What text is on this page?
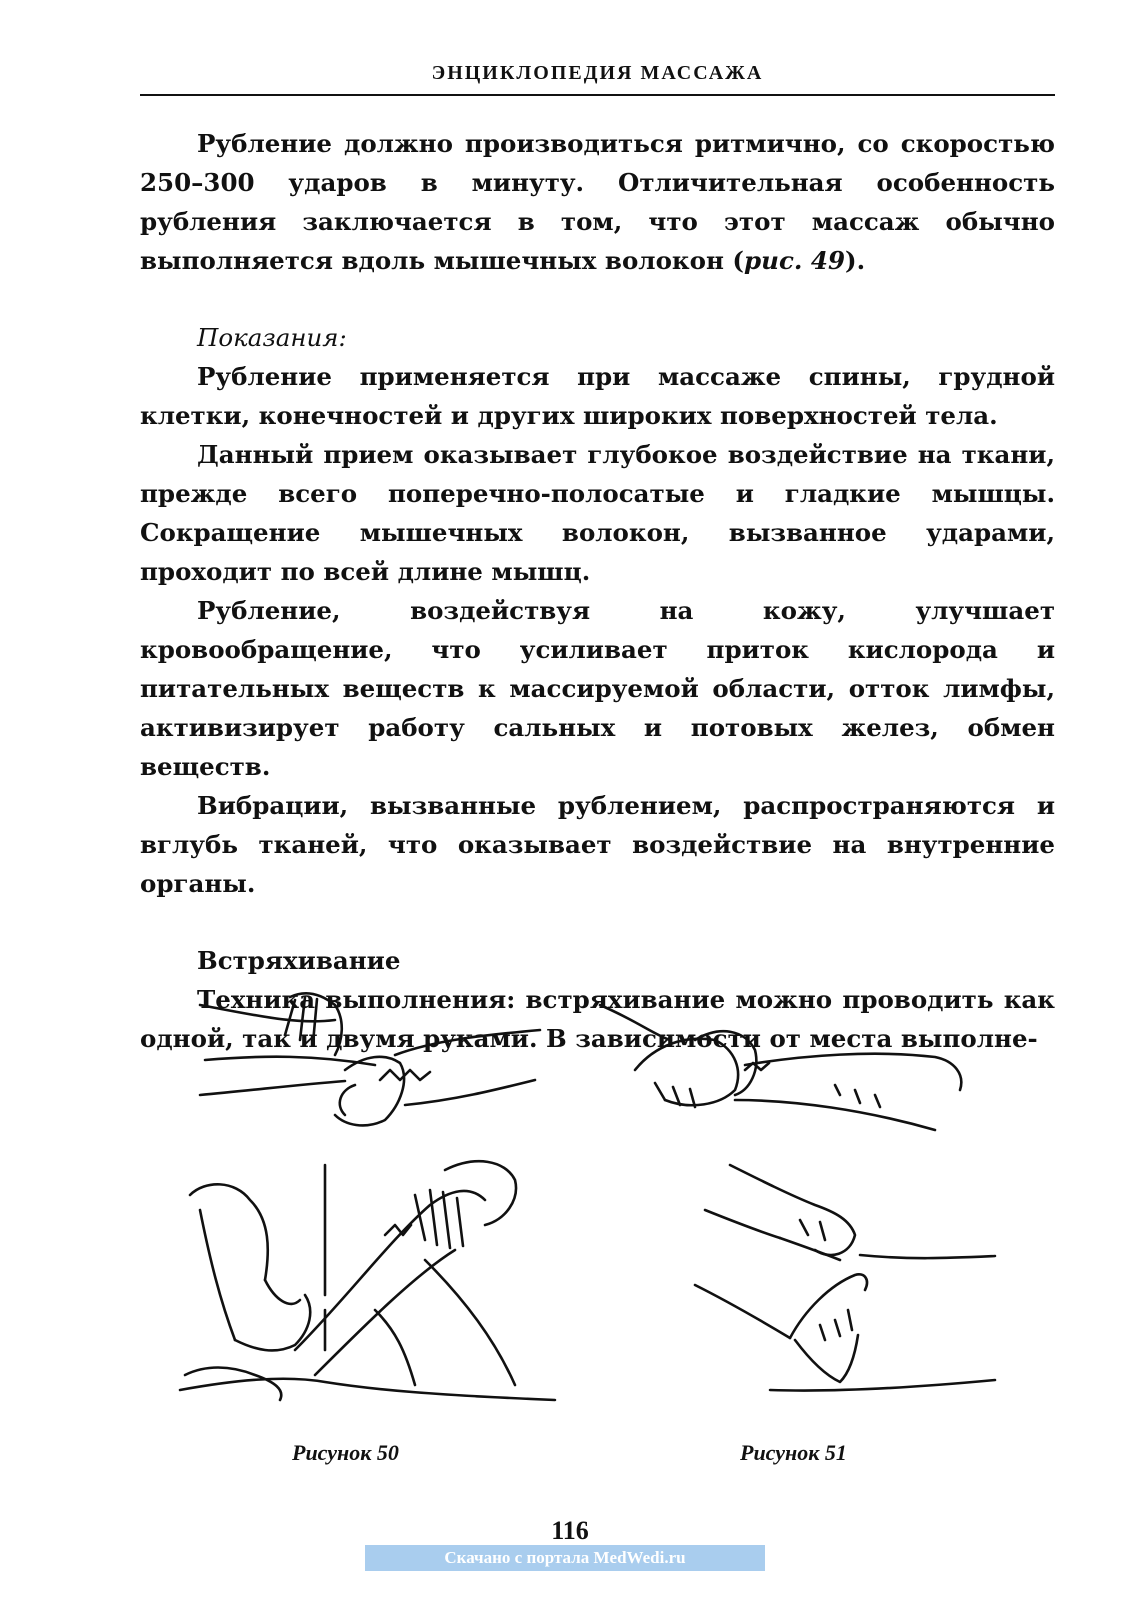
ЭНЦИКЛОПЕДИЯ МАССАЖА

Рубление должно производиться ритмично, со скоростью 250–300 ударов в минуту. Отличительная особенность рубления заключается в том, что этот массаж обычно выполняется вдоль мышечных волокон (рис. 49).

Показания:

Рубление применяется при массаже спины, грудной клетки, конечностей и других широких поверхностей тела.

Данный прием оказывает глубокое воздействие на ткани, прежде всего поперечно-полосатые и гладкие мышцы. Сокращение мышечных волокон, вызванное ударами, проходит по всей длине мышц.

Рубление, воздействуя на кожу, улучшает кровообращение, что усиливает приток кислорода и питательных веществ к массируемой области, отток лимфы, активизирует работу сальных и потовых желез, обмен веществ.

Вибрации, вызванные рублением, распространяются и вглубь тканей, что оказывает воздействие на внутренние органы.

Встряхивание

Техника выполнения: встряхивание можно проводить как одной, так и двумя руками. В зависимости от места выполне-

Рисунок 50	Рисунок 51
116
Скачано с портала MedWedi.ru
